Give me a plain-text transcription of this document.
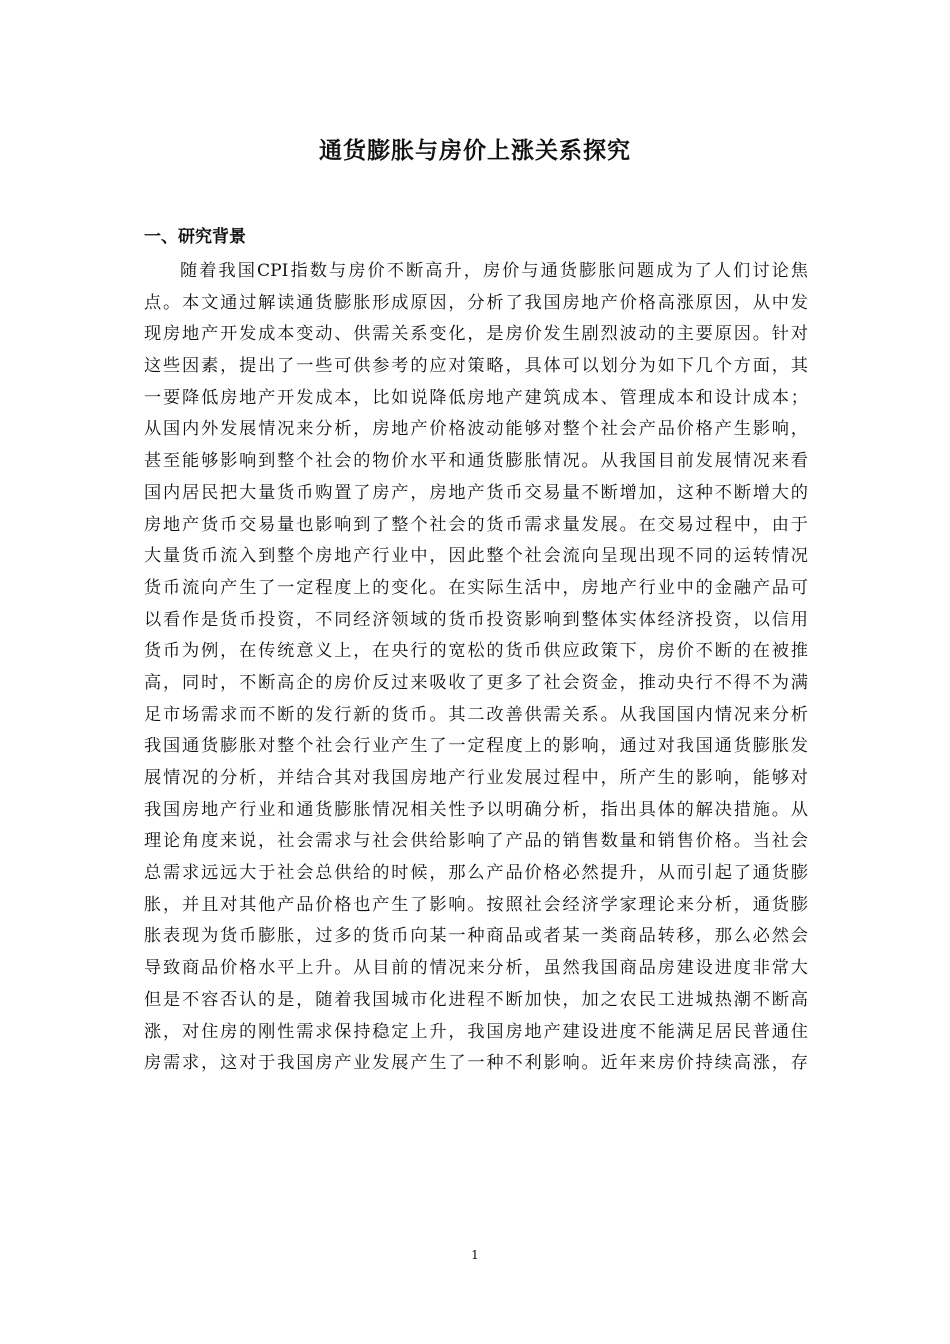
通货膨胀与房价上涨关系探究
一、研究背景
随着我国CPI指数与房价不断高升，房价与通货膨胀问题成为了人们讨论焦
点。本文通过解读通货膨胀形成原因，分析了我国房地产价格高涨原因，从中发
现房地产开发成本变动、供需关系变化，是房价发生剧烈波动的主要原因。针对
这些因素，提出了一些可供参考的应对策略，具体可以划分为如下几个方面，其
一要降低房地产开发成本，比如说降低房地产建筑成本、管理成本和设计成本；
从国内外发展情况来分析，房地产价格波动能够对整个社会产品价格产生影响，
甚至能够影响到整个社会的物价水平和通货膨胀情况。从我国目前发展情况来看
国内居民把大量货币购置了房产，房地产货币交易量不断增加，这种不断增大的
房地产货币交易量也影响到了整个社会的货币需求量发展。在交易过程中，由于
大量货币流入到整个房地产行业中，因此整个社会流向呈现出现不同的运转情况
货币流向产生了一定程度上的变化。在实际生活中，房地产行业中的金融产品可
以看作是货币投资，不同经济领域的货币投资影响到整体实体经济投资，以信用
货币为例，在传统意义上，在央行的宽松的货币供应政策下，房价不断的在被推
高，同时，不断高企的房价反过来吸收了更多了社会资金，推动央行不得不为满
足市场需求而不断的发行新的货币。其二改善供需关系。从我国国内情况来分析
我国通货膨胀对整个社会行业产生了一定程度上的影响，通过对我国通货膨胀发
展情况的分析，并结合其对我国房地产行业发展过程中，所产生的影响，能够对
我国房地产行业和通货膨胀情况相关性予以明确分析，指出具体的解决措施。从
理论角度来说，社会需求与社会供给影响了产品的销售数量和销售价格。当社会
总需求远远大于社会总供给的时候，那么产品价格必然提升，从而引起了通货膨
胀，并且对其他产品价格也产生了影响。按照社会经济学家理论来分析，通货膨
胀表现为货币膨胀，过多的货币向某一种商品或者某一类商品转移，那么必然会
导致商品价格水平上升。从目前的情况来分析，虽然我国商品房建设进度非常大
但是不容否认的是，随着我国城市化进程不断加快，加之农民工进城热潮不断高
涨，对住房的刚性需求保持稳定上升，我国房地产建设进度不能满足居民普通住
房需求，这对于我国房产业发展产生了一种不利影响。近年来房价持续高涨，存
1
